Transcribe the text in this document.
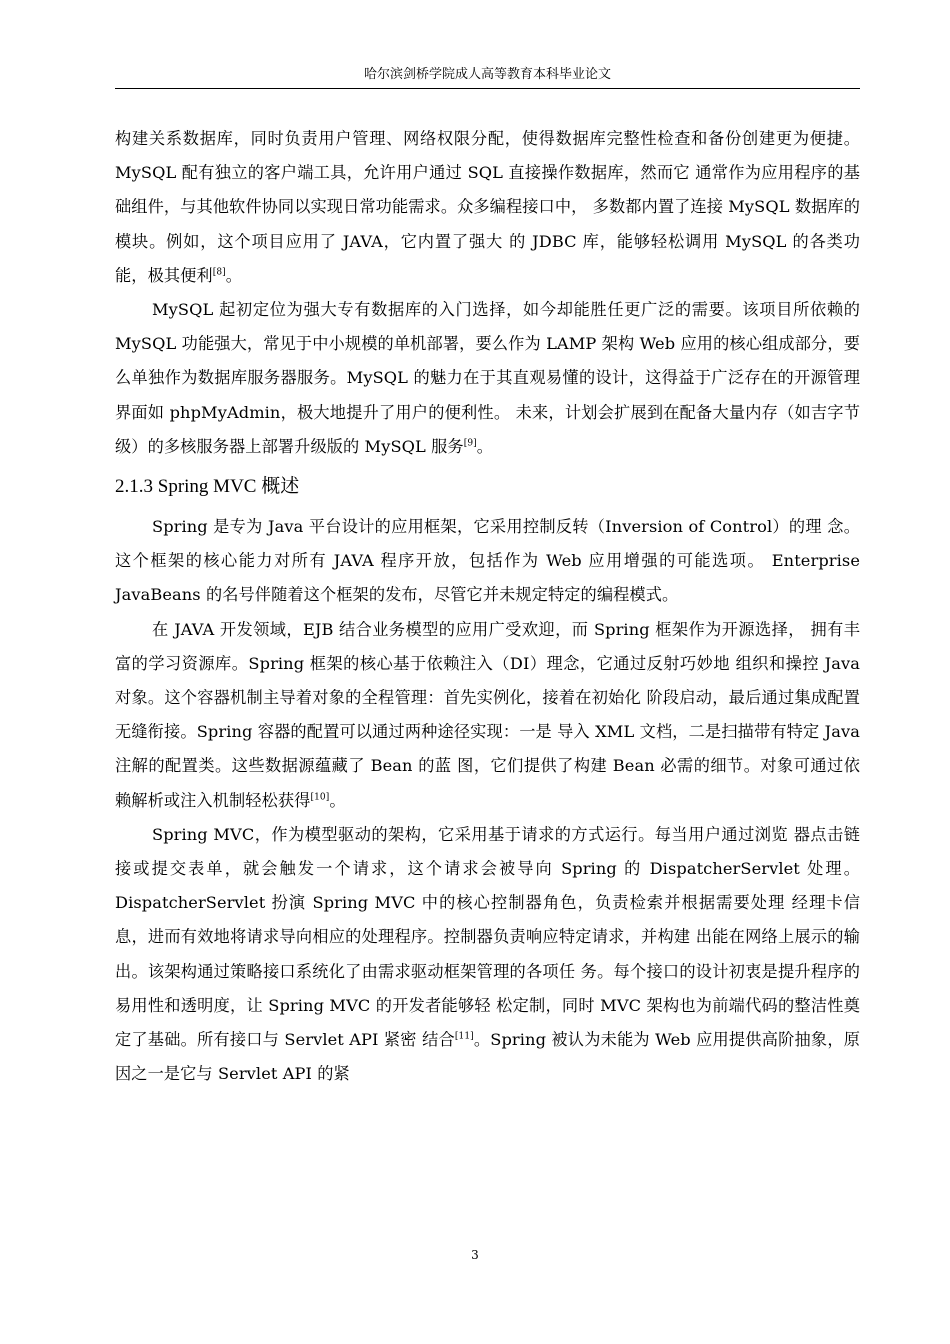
哈尔滨剑桥学院成人高等教育本科毕业论文

构建关系数据库，同时负责用户管理、网络权限分配，使得数据库完整性检查和备份创建更为便捷。MySQL 配有独立的客户端工具，允许用户通过 SQL 直接操作数据库，然而它 通常作为应用程序的基础组件，与其他软件协同以实现日常功能需求。众多编程接口中， 多数都内置了连接 MySQL 数据库的模块。例如，这个项目应用了 JAVA，它内置了强大 的 JDBC 库，能够轻松调用 MySQL 的各类功能，极其便利[8]。

MySQL 起初定位为强大专有数据库的入门选择，如今却能胜任更广泛的需要。该项目所依赖的 MySQL 功能强大，常见于中小规模的单机部署，要么作为 LAMP 架构 Web 应用的核心组成部分，要么单独作为数据库服务器服务。MySQL 的魅力在于其直观易懂的设计，这得益于广泛存在的开源管理界面如 phpMyAdmin，极大地提升了用户的便利性。 未来，计划会扩展到在配备大量内存（如吉字节级）的多核服务器上部署升级版的 MySQL 服务[9]。

2.1.3 Spring MVC 概述

Spring 是专为 Java 平台设计的应用框架，它采用控制反转（Inversion of Control）的理 念。这个框架的核心能力对所有 JAVA 程序开放，包括作为 Web 应用增强的可能选项。 Enterprise JavaBeans 的名号伴随着这个框架的发布，尽管它并未规定特定的编程模式。

在 JAVA 开发领域，EJB 结合业务模型的应用广受欢迎，而 Spring 框架作为开源选择， 拥有丰富的学习资源库。Spring 框架的核心基于依赖注入（DI）理念，它通过反射巧妙地 组织和操控 Java 对象。这个容器机制主导着对象的全程管理：首先实例化，接着在初始化 阶段启动，最后通过集成配置无缝衔接。Spring 容器的配置可以通过两种途径实现：一是 导入 XML 文档，二是扫描带有特定 Java 注解的配置类。这些数据源蕴藏了 Bean 的蓝 图，它们提供了构建 Bean 必需的细节。对象可通过依赖解析或注入机制轻松获得[10]。

Spring MVC，作为模型驱动的架构，它采用基于请求的方式运行。每当用户通过浏览 器点击链接或提交表单，就会触发一个请求，这个请求会被导向 Spring 的 DispatcherServlet 处理。DispatcherServlet 扮演 Spring MVC 中的核心控制器角色，负责检索并根据需要处理 经理卡信息，进而有效地将请求导向相应的处理程序。控制器负责响应特定请求，并构建 出能在网络上展示的输出。该架构通过策略接口系统化了由需求驱动框架管理的各项任 务。每个接口的设计初衷是提升程序的易用性和透明度，让 Spring MVC 的开发者能够轻 松定制，同时 MVC 架构也为前端代码的整洁性奠定了基础。所有接口与 Servlet API 紧密 结合[11]。Spring 被认为未能为 Web 应用提供高阶抽象，原因之一是它与 Servlet API 的紧

3
